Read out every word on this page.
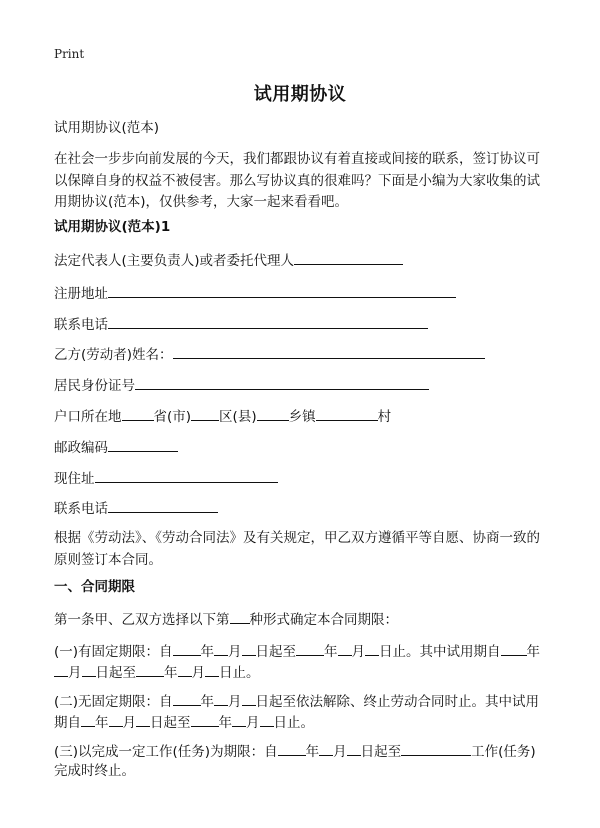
Print
试用期协议

试用期协议(范本)

在社会一步步向前发展的今天，我们都跟协议有着直接或间接的联系，签订协议可以保障自身的权益不被侵害。那么写协议真的很难吗？下面是小编为大家收集的试用期协议(范本)，仅供参考，大家一起来看看吧。

试用期协议(范本)1

法定代表人(主要负责人)或者委托代理人
注册地址
联系电话
乙方(劳动者)姓名：
居民身份证号
户口所在地 省(市) 区(县) 乡镇	村
邮政编码
现住址
联系电话

根据《劳动法》、《劳动合同法》及有关规定，甲乙双方遵循平等自愿、协商一致的原则签订本合同。

一、合同期限

第一条甲、乙双方选择以下第 种形式确定本合同期限：
(一)有固定期限：自 年 月 日起至 年 月 日止。其中试用期自 年
月 日起至 年 月 日止。
(二)无固定期限：自 年 月 日起至依法解除、终止劳动合同时止。其中试用
期自 年 月 日起至 年 月 日止。
(三)以完成一定工作(任务)为期限：自 年 月 日起至	工作(任务)
完成时终止。
